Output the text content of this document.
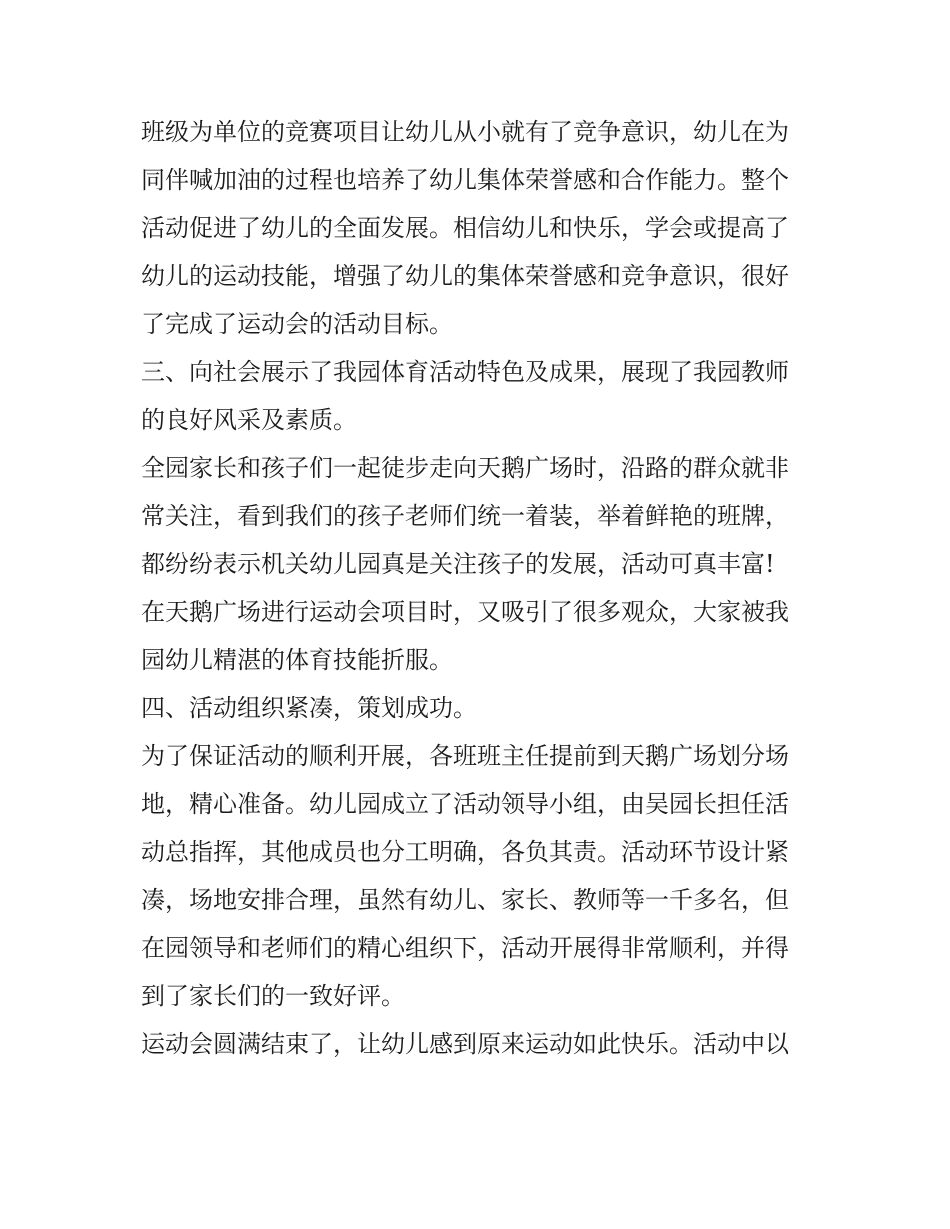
班级为单位的竞赛项目让幼儿从小就有了竞争意识，幼儿在为
同伴喊加油的过程也培养了幼儿集体荣誉感和合作能力。整个
活动促进了幼儿的全面发展。相信幼儿和快乐，学会或提高了
幼儿的运动技能，增强了幼儿的集体荣誉感和竞争意识，很好
了完成了运动会的活动目标。
三、向社会展示了我园体育活动特色及成果，展现了我园教师
的良好风采及素质。
全园家长和孩子们一起徒步走向天鹅广场时，沿路的群众就非
常关注，看到我们的孩子老师们统一着装，举着鲜艳的班牌，
都纷纷表示机关幼儿园真是关注孩子的发展，活动可真丰富!
在天鹅广场进行运动会项目时，又吸引了很多观众，大家被我
园幼儿精湛的体育技能折服。
四、活动组织紧凑，策划成功。
为了保证活动的顺利开展，各班班主任提前到天鹅广场划分场
地，精心准备。幼儿园成立了活动领导小组，由吴园长担任活
动总指挥，其他成员也分工明确，各负其责。活动环节设计紧
凑，场地安排合理，虽然有幼儿、家长、教师等一千多名，但
在园领导和老师们的精心组织下，活动开展得非常顺利，并得
到了家长们的一致好评。
运动会圆满结束了，让幼儿感到原来运动如此快乐。活动中以
